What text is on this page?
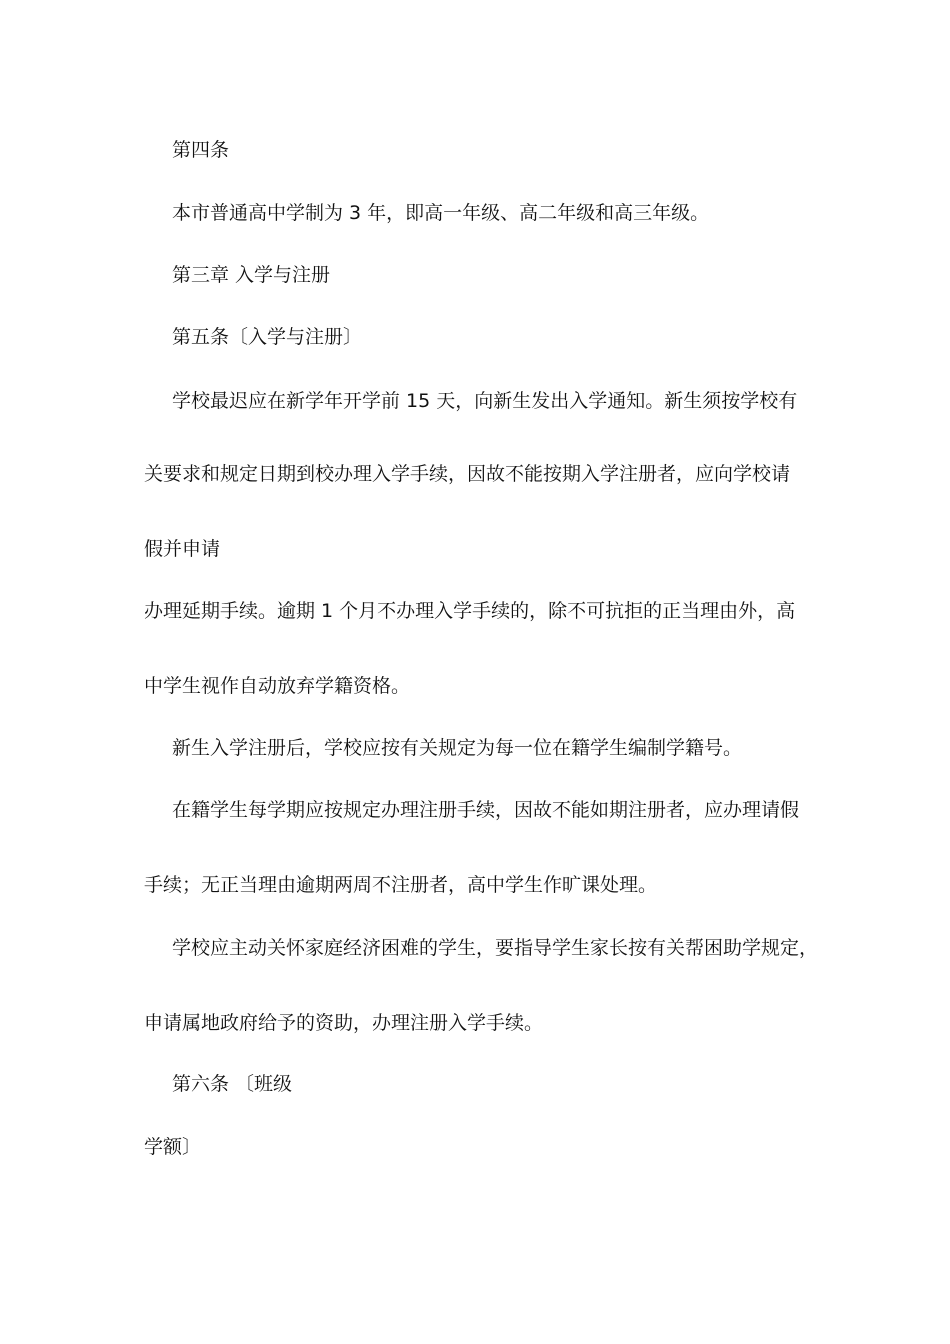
第四条
本市普通高中学制为 3 年，即高一年级、高二年级和高三年级。
第三章 入学与注册
第五条〔入学与注册〕
学校最迟应在新学年开学前 15 天，向新生发出入学通知。新生须按学校有
关要求和规定日期到校办理入学手续，因故不能按期入学注册者，应向学校请
假并申请
办理延期手续。逾期 1 个月不办理入学手续的，除不可抗拒的正当理由外，高
中学生视作自动放弃学籍资格。
新生入学注册后，学校应按有关规定为每一位在籍学生编制学籍号。
在籍学生每学期应按规定办理注册手续，因故不能如期注册者，应办理请假
手续；无正当理由逾期两周不注册者，高中学生作旷课处理。
学校应主动关怀家庭经济困难的学生，要指导学生家长按有关帮困助学规定，
申请属地政府给予的资助，办理注册入学手续。
第六条 〔班级
学额〕
